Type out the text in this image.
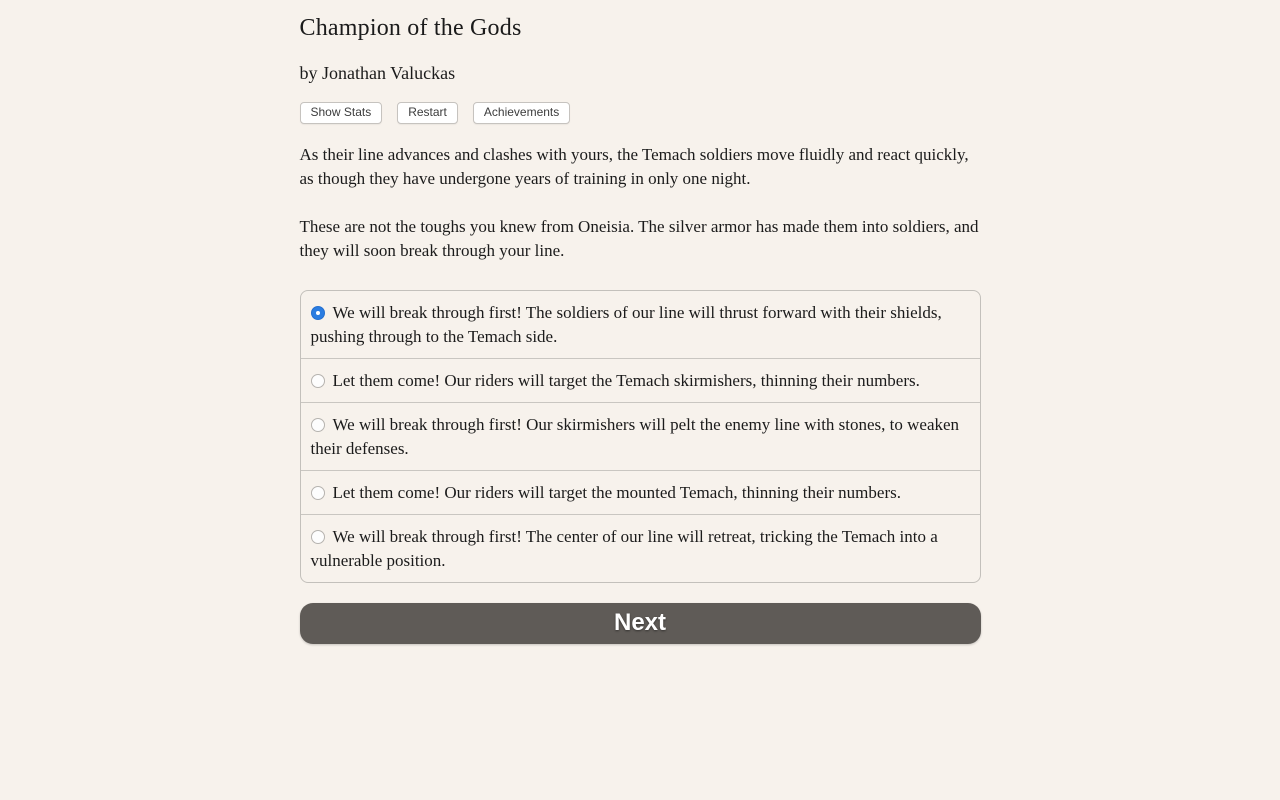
Champion of the Gods

by Jonathan Valuckas

Show Stats	Restart	Achievements

As their line advances and clashes with yours, the Temach soldiers move fluidly and react quickly, as though they have undergone years of training in only one night.

These are not the toughs you knew from Oneisia. The silver armor has made them into soldiers, and they will soon break through your line.

We will break through first! The soldiers of our line will thrust forward with their shields, pushing through to the Temach side.
Let them come! Our riders will target the Temach skirmishers, thinning their numbers.
We will break through first! Our skirmishers will pelt the enemy line with stones, to weaken their defenses.
Let them come! Our riders will target the mounted Temach, thinning their numbers.
We will break through first! The center of our line will retreat, tricking the Temach into a vulnerable position.
Next
